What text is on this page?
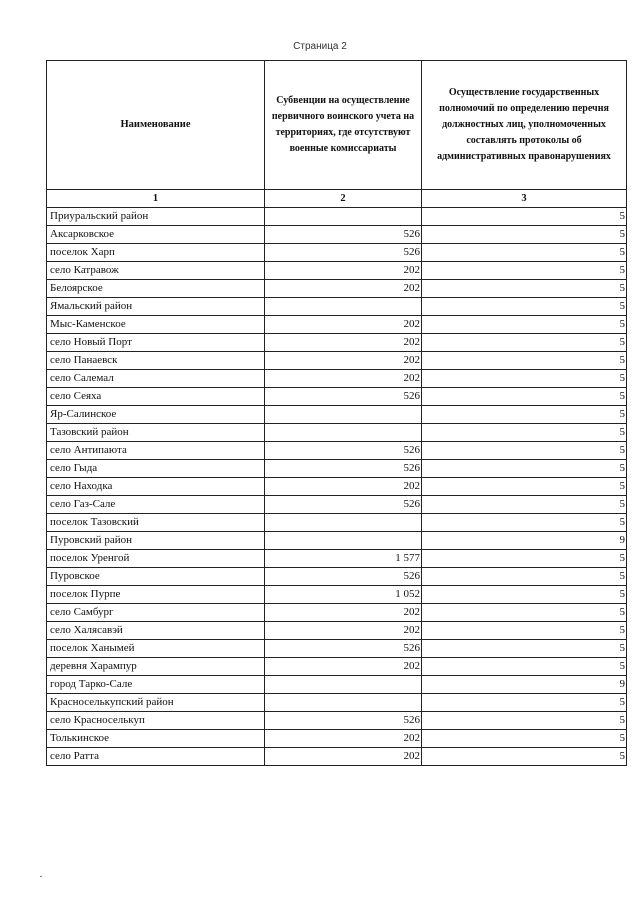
Страница 2
Наименование	Субвенции на осуществление первичного воинского учета на территориях, где отсутствуют военные комиссариаты	Осуществление государственных полномочий по определению перечня должностных лиц, уполномоченных составлять протоколы об административных правонарушениях
1	2	3
Приуральский район		5
Аксарковское	526	5
поселок Харп	526	5
село Катравож	202	5
Белоярское	202	5
Ямальский район		5
Мыс-Каменское	202	5
село Новый Порт	202	5
село Панаевск	202	5
село Салемал	202	5
село Сеяха	526	5
Яр-Салинское		5
Тазовский район		5
село Антипаюта	526	5
село Гыда	526	5
село Находка	202	5
село Газ-Сале	526	5
поселок Тазовский		5
Пуровский район		9
поселок Уренгой	1 577	5
Пуровское	526	5
поселок Пурпе	1 052	5
село Самбург	202	5
село Халясавэй	202	5
поселок Ханымей	526	5
деревня Харампур	202	5
город Тарко-Сале		9
Красноселькупский район		5
село Красноселькуп	526	5
Толькинское	202	5
село Ратта	202	5
